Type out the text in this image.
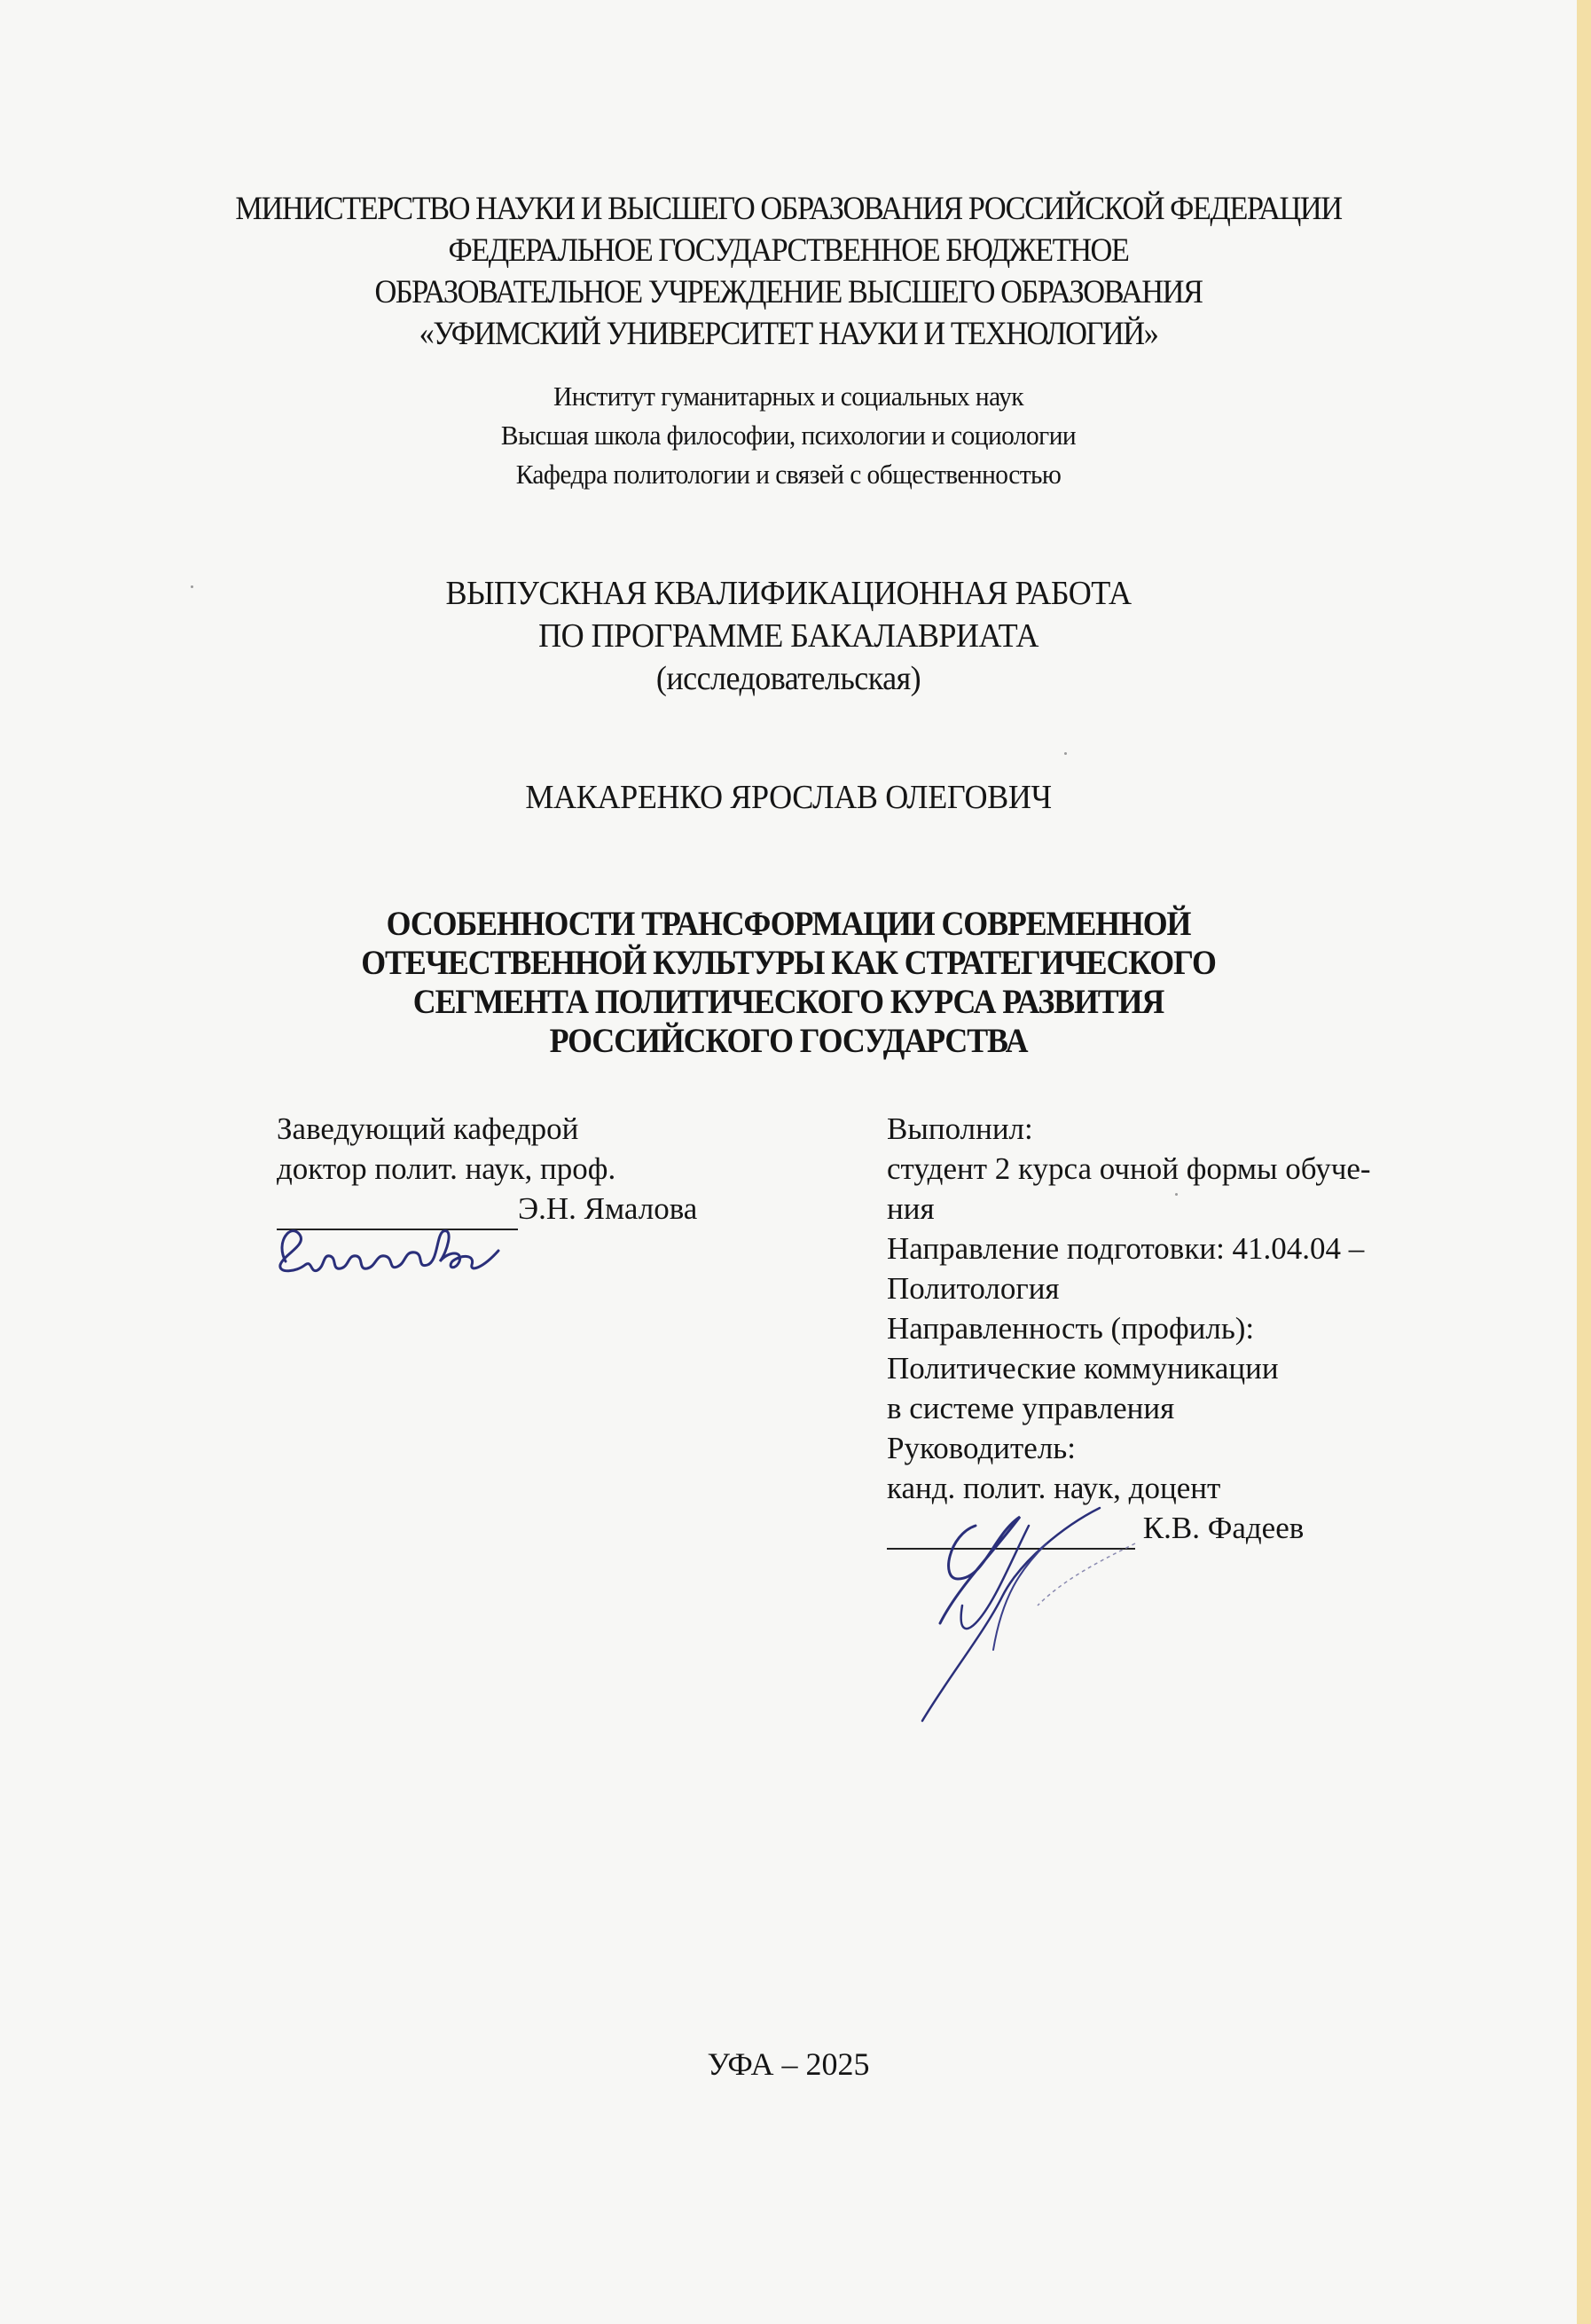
МИНИСТЕРСТВО НАУКИ И ВЫСШЕГО ОБРАЗОВАНИЯ РОССИЙСКОЙ ФЕДЕРАЦИИ
ФЕДЕРАЛЬНОЕ ГОСУДАРСТВЕННОЕ БЮДЖЕТНОЕ
ОБРАЗОВАТЕЛЬНОЕ УЧРЕЖДЕНИЕ ВЫСШЕГО ОБРАЗОВАНИЯ
«УФИМСКИЙ УНИВЕРСИТЕТ НАУКИ И ТЕХНОЛОГИЙ»
Институт гуманитарных и социальных наук
Высшая школа философии, психологии и социологии
Кафедра политологии и связей с общественностью
ВЫПУСКНАЯ КВАЛИФИКАЦИОННАЯ РАБОТА
ПО ПРОГРАММЕ БАКАЛАВРИАТА
(исследовательская)
МАКАРЕНКО ЯРОСЛАВ ОЛЕГОВИЧ
ОСОБЕННОСТИ ТРАНСФОРМАЦИИ СОВРЕМЕННОЙ
ОТЕЧЕСТВЕННОЙ КУЛЬТУРЫ КАК СТРАТЕГИЧЕСКОГО
СЕГМЕНТА ПОЛИТИЧЕСКОГО КУРСА РАЗВИТИЯ
РОССИЙСКОГО ГОСУДАРСТВА
Заведующий кафедрой
доктор полит. наук, проф.
Э.Н. Ямалова
Выполнил:
студент 2 курса очной формы обуче-
ния
Направление подготовки: 41.04.04 –
Политология
Направленность (профиль):
Политические коммуникации
в системе управления
Руководитель:
канд. полит. наук, доцент
К.В. Фадеев
УФА – 2025
